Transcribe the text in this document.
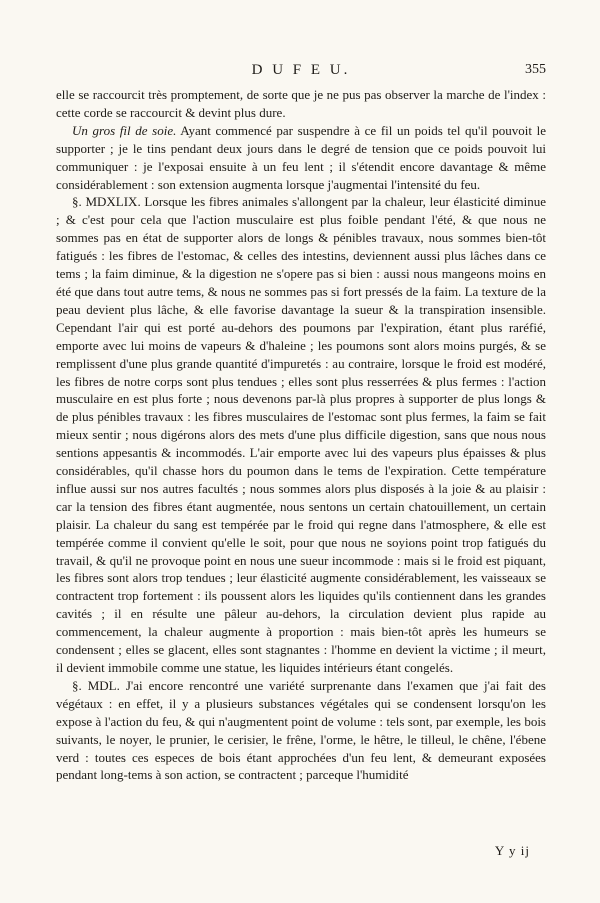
D U F E U.	355

elle se raccourcit très promptement, de sorte que je ne pus pas observer la marche de l'index : cette corde se raccourcit & devint plus dure.

Un gros fil de soie. Ayant commencé par suspendre à ce fil un poids tel qu'il pouvoit le supporter ; je le tins pendant deux jours dans le degré de tension que ce poids pouvoit lui communiquer : je l'exposai ensuite à un feu lent ; il s'étendit encore davantage & même considérablement : son extension augmenta lorsque j'augmentai l'intensité du feu.

§. MDXLIX. Lorsque les fibres animales s'allongent par la chaleur, leur élasticité diminue ; & c'est pour cela que l'action musculaire est plus foible pendant l'été, & que nous ne sommes pas en état de supporter alors de longs & pénibles travaux, nous sommes bien-tôt fatigués : les fibres de l'estomac, & celles des intestins, deviennent aussi plus lâches dans ce tems ; la faim diminue, & la digestion ne s'opere pas si bien : aussi nous mangeons moins en été que dans tout autre tems, & nous ne sommes pas si fort pressés de la faim. La texture de la peau devient plus lâche, & elle favorise davantage la sueur & la transpiration insensible. Cependant l'air qui est porté au-dehors des poumons par l'expiration, étant plus raréfié, emporte avec lui moins de vapeurs & d'haleine ; les poumons sont alors moins purgés, & se remplissent d'une plus grande quantité d'impuretés : au contraire, lorsque le froid est modéré, les fibres de notre corps sont plus tendues ; elles sont plus resserrées & plus fermes : l'action musculaire en est plus forte ; nous devenons par-là plus propres à supporter de plus longs & de plus pénibles travaux : les fibres musculaires de l'estomac sont plus fermes, la faim se fait mieux sentir ; nous digérons alors des mets d'une plus difficile digestion, sans que nous nous sentions appesantis & incommodés. L'air emporte avec lui des vapeurs plus épaisses & plus considérables, qu'il chasse hors du poumon dans le tems de l'expiration. Cette température influe aussi sur nos autres facultés ; nous sommes alors plus disposés à la joie & au plaisir : car la tension des fibres étant augmentée, nous sentons un certain chatouillement, un certain plaisir. La chaleur du sang est tempérée par le froid qui regne dans l'atmosphere, & elle est tempérée comme il convient qu'elle le soit, pour que nous ne soyions point trop fatigués du travail, & qu'il ne provoque point en nous une sueur incommode : mais si le froid est piquant, les fibres sont alors trop tendues ; leur élasticité augmente considérablement, les vaisseaux se contractent trop fortement : ils poussent alors les liquides qu'ils contiennent dans les grandes cavités ; il en résulte une pâleur au-dehors, la circulation devient plus rapide au commencement, la chaleur augmente à proportion : mais bien-tôt après les humeurs se condensent ; elles se glacent, elles sont stagnantes : l'homme en devient la victime ; il meurt, il devient immobile comme une statue, les liquides intérieurs étant congelés.

§. MDL. J'ai encore rencontré une variété surprenante dans l'examen que j'ai fait des végétaux : en effet, il y a plusieurs substances végétales qui se condensent lorsqu'on les expose à l'action du feu, & qui n'augmentent point de volume : tels sont, par exemple, les bois suivants, le noyer, le prunier, le cerisier, le frêne, l'orme, le hêtre, le tilleul, le chêne, l'ébene verd : toutes ces especes de bois étant approchées d'un feu lent, & demeurant exposées pendant long-tems à son action, se contractent ; parceque l'humidité

Y y ij
